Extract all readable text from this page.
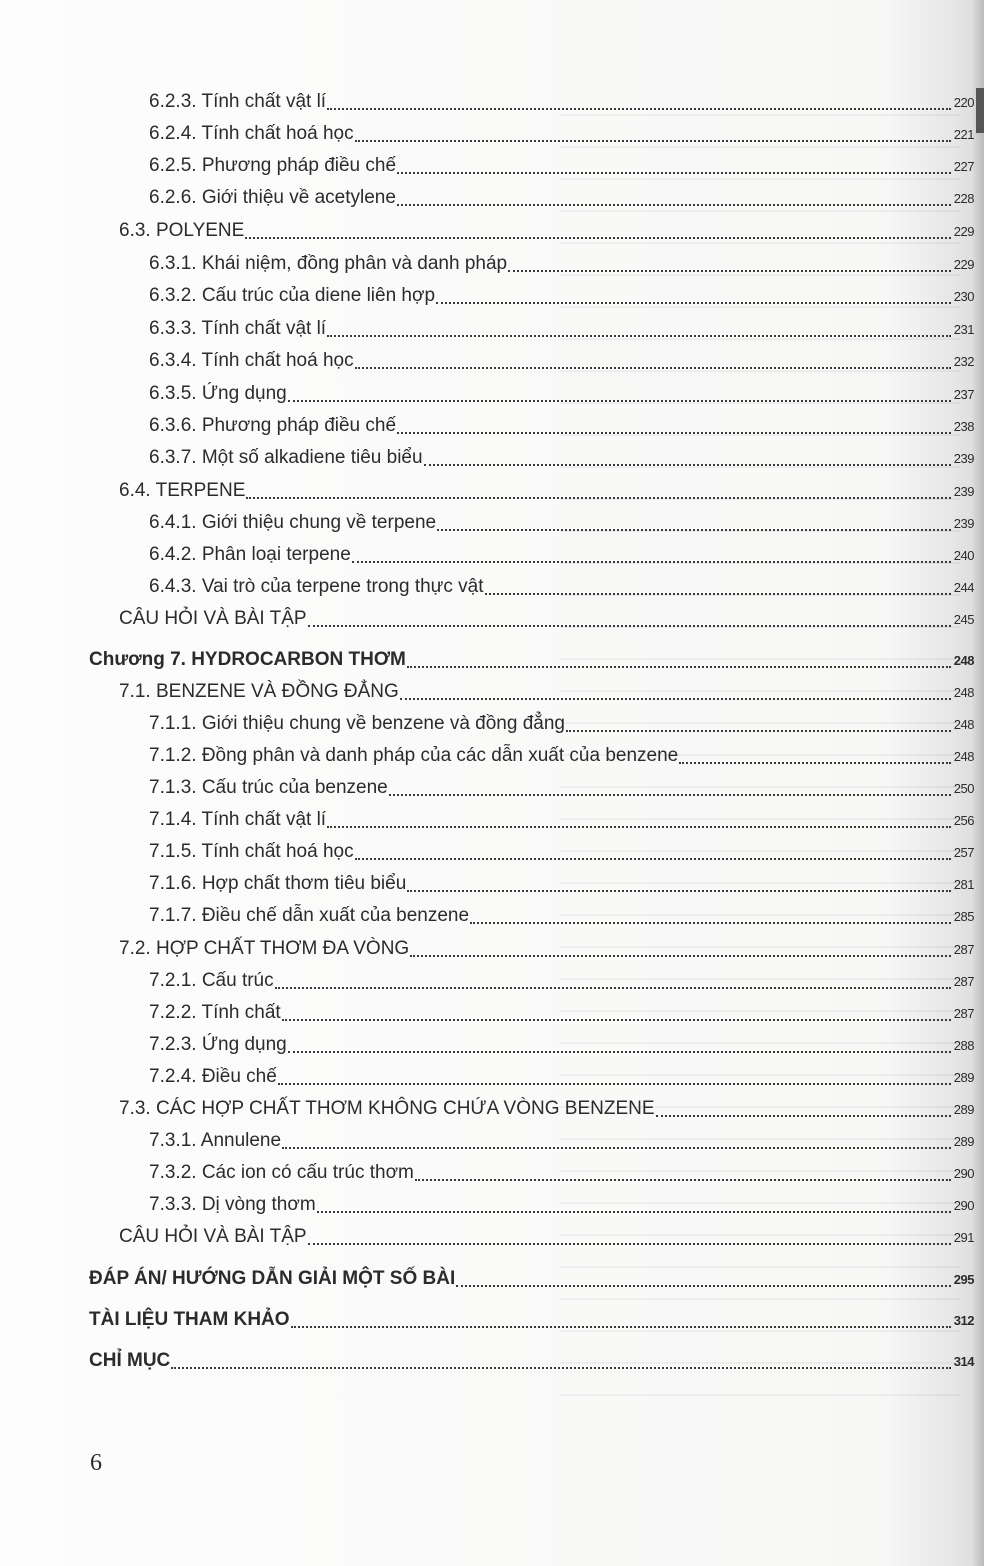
6.2.3. Tính chất vật lí	220
6.2.4. Tính chất hoá học	221
6.2.5. Phương pháp điều chế	227
6.2.6. Giới thiệu về acetylene	228
6.3. POLYENE	229
6.3.1. Khái niệm, đồng phân và danh pháp	229
6.3.2. Cấu trúc của diene liên hợp	230
6.3.3. Tính chất vật lí	231
6.3.4. Tính chất hoá học	232
6.3.5. Ứng dụng	237
6.3.6. Phương pháp điều chế	238
6.3.7. Một số alkadiene tiêu biểu	239
6.4. TERPENE	239
6.4.1. Giới thiệu chung về terpene	239
6.4.2. Phân loại terpene	240
6.4.3. Vai trò của terpene trong thực vật	244
CÂU HỎI VÀ BÀI TẬP	245
Chương 7. HYDROCARBON THƠM	248
7.1. BENZENE VÀ ĐỒNG ĐẲNG	248
7.1.1. Giới thiệu chung về benzene và đồng đẳng	248
7.1.2. Đồng phân và danh pháp của các dẫn xuất của benzene	248
7.1.3. Cấu trúc của benzene	250
7.1.4. Tính chất vật lí	256
7.1.5. Tính chất hoá học	257
7.1.6. Hợp chất thơm tiêu biểu	281
7.1.7. Điều chế dẫn xuất của benzene	285
7.2. HỢP CHẤT THƠM ĐA VÒNG	287
7.2.1. Cấu trúc	287
7.2.2. Tính chất	287
7.2.3. Ứng dụng	288
7.2.4. Điều chế	289
7.3. CÁC HỢP CHẤT THƠM KHÔNG CHỨA VÒNG BENZENE	289
7.3.1. Annulene	289
7.3.2. Các ion có cấu trúc thơm	290
7.3.3. Dị vòng thơm	290
CÂU HỎI VÀ BÀI TẬP	291
ĐÁP ÁN/ HƯỚNG DẪN GIẢI MỘT SỐ BÀI	295
TÀI LIỆU THAM KHẢO	312
CHỈ MỤC	314
6
